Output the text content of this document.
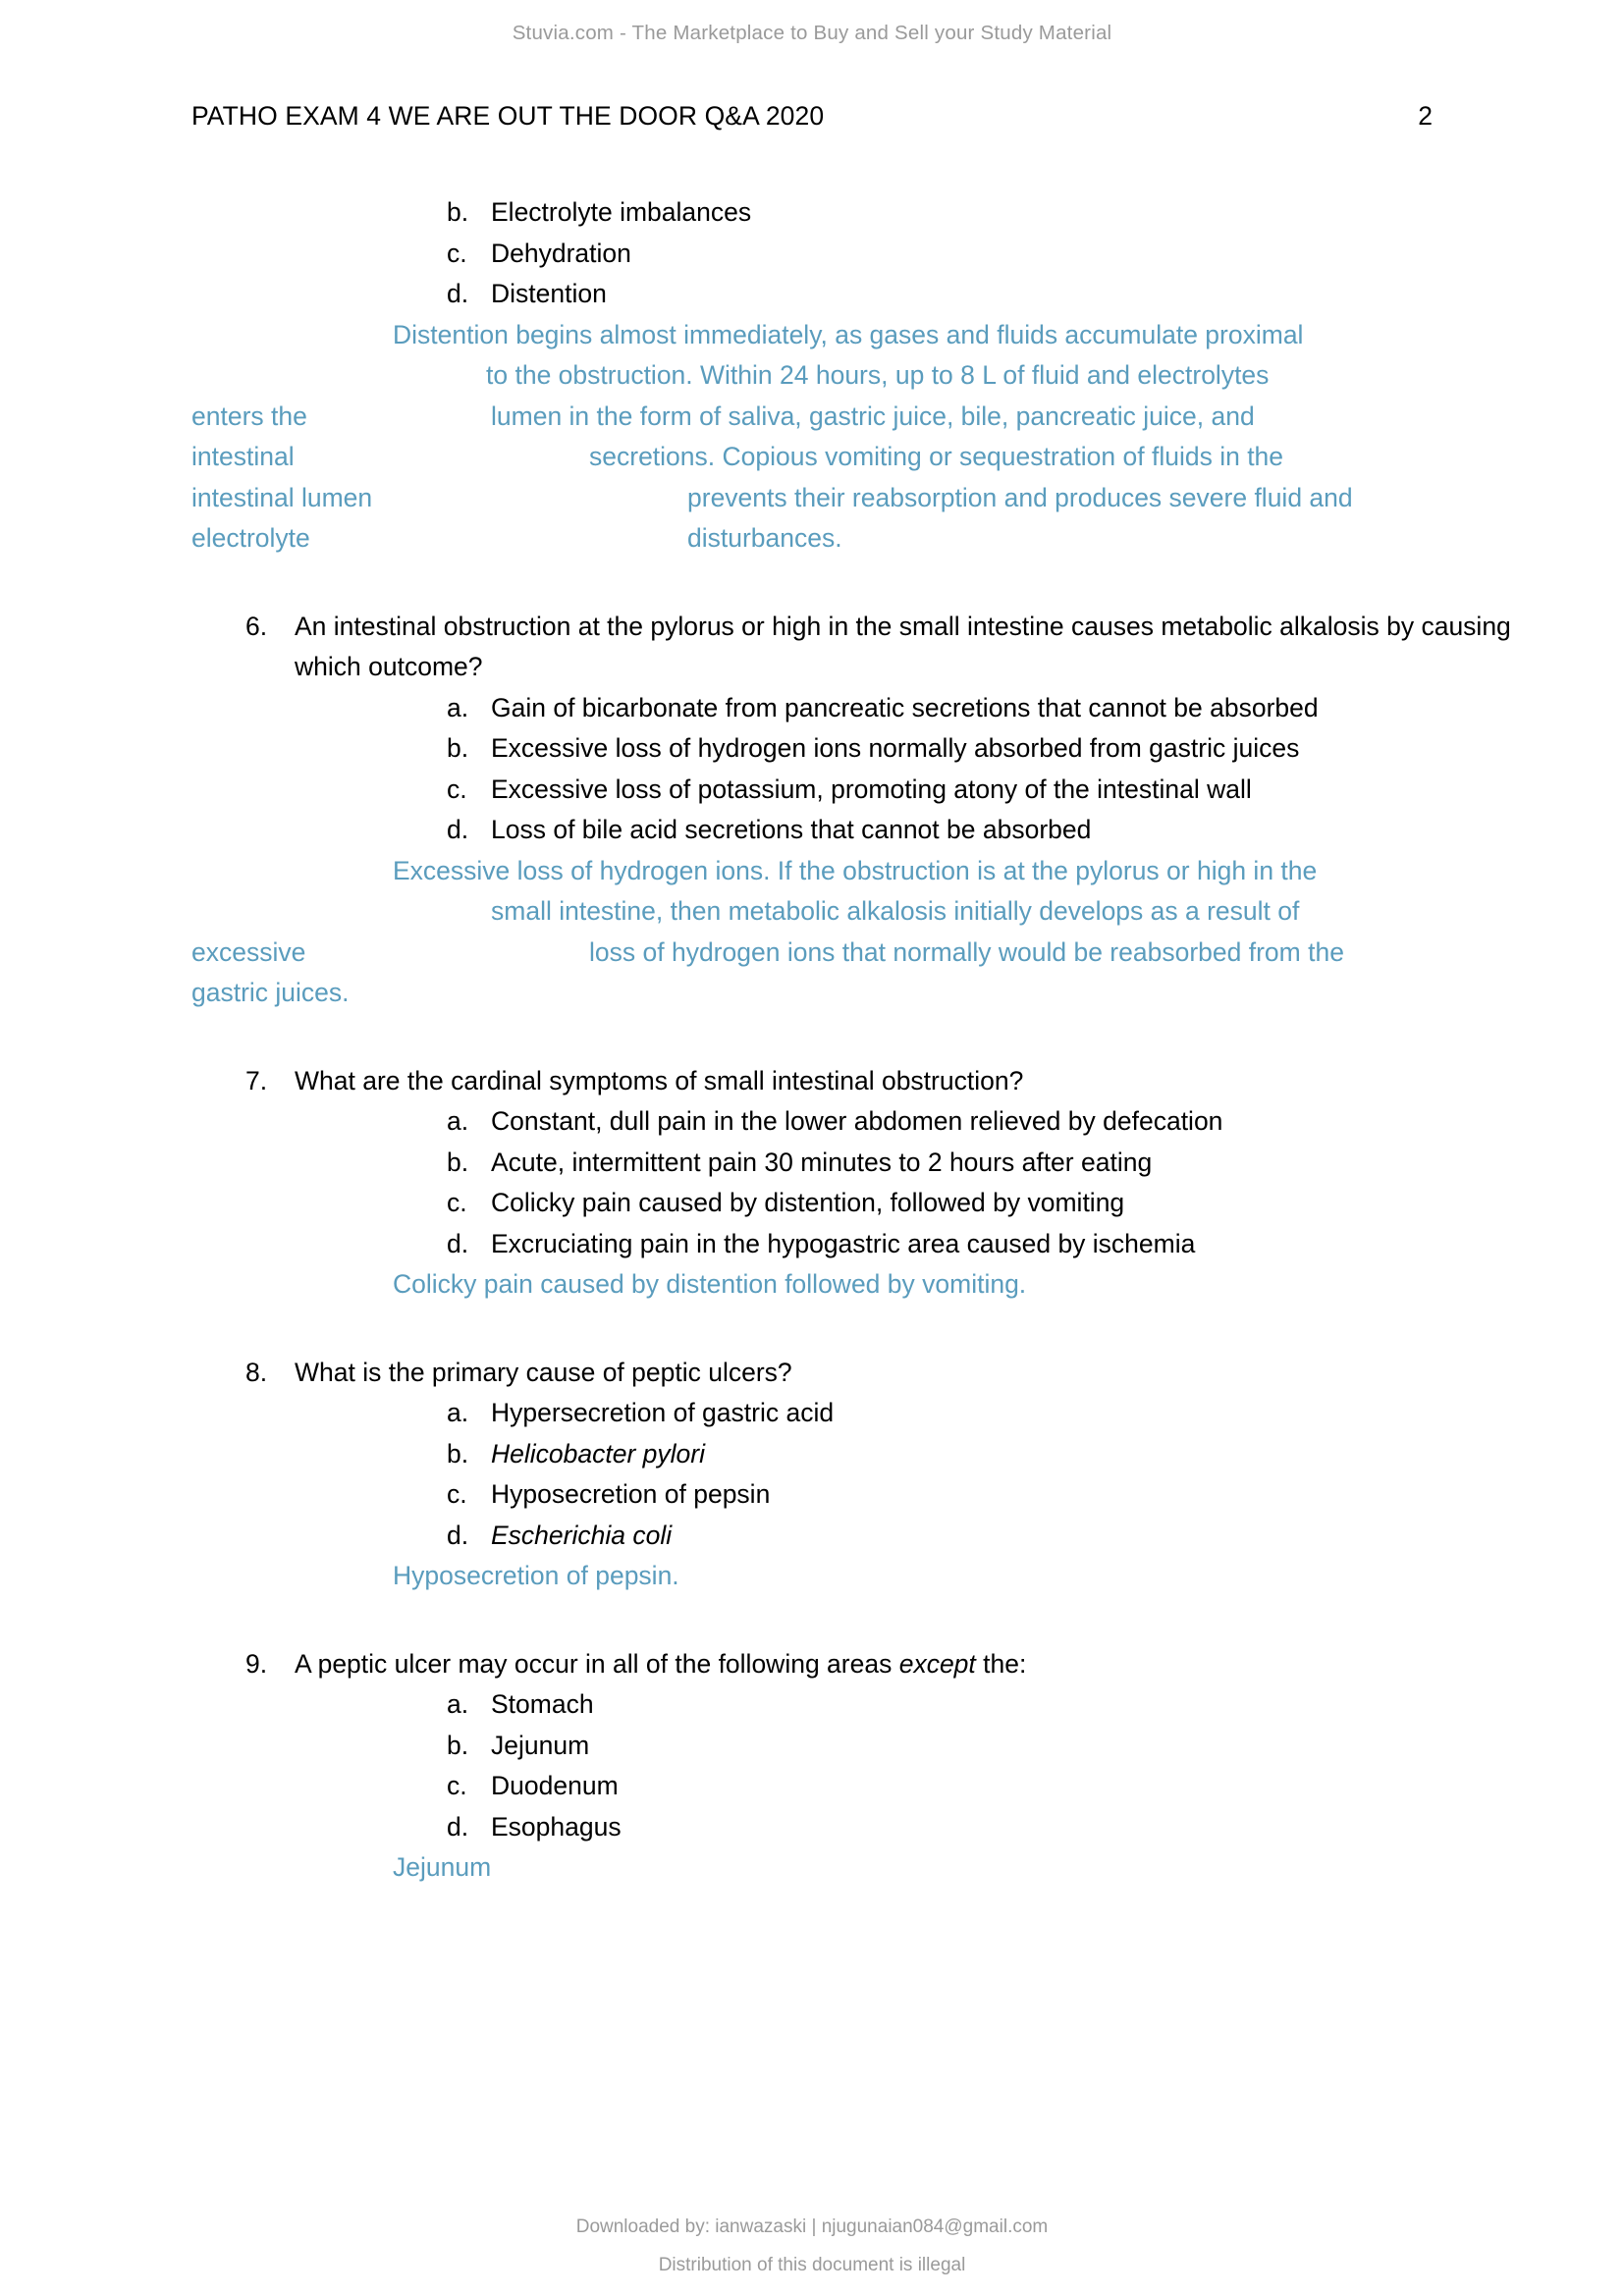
Stuvia.com - The Marketplace to Buy and Sell your Study Material
PATHO EXAM 4 WE ARE OUT THE DOOR Q&A 2020	2
b. Electrolyte imbalances
c. Dehydration
d. Distention
Distention begins almost immediately, as gases and fluids accumulate proximal
to the obstruction. Within 24 hours, up to 8 L of fluid and electrolytes
enters the	lumen in the form of saliva, gastric juice, bile, pancreatic juice, and
intestinal	secretions. Copious vomiting or sequestration of fluids in the
intestinal lumen	prevents their reabsorption and produces severe fluid and
electrolyte	disturbances.
6. An intestinal obstruction at the pylorus or high in the small intestine causes metabolic alkalosis by causing which outcome?
a. Gain of bicarbonate from pancreatic secretions that cannot be absorbed
b. Excessive loss of hydrogen ions normally absorbed from gastric juices
c. Excessive loss of potassium, promoting atony of the intestinal wall
d. Loss of bile acid secretions that cannot be absorbed
Excessive loss of hydrogen ions. If the obstruction is at the pylorus or high in the
small intestine, then metabolic alkalosis initially develops as a result of
excessive	loss of hydrogen ions that normally would be reabsorbed from the
gastric juices.
7. What are the cardinal symptoms of small intestinal obstruction?
a. Constant, dull pain in the lower abdomen relieved by defecation
b. Acute, intermittent pain 30 minutes to 2 hours after eating
c. Colicky pain caused by distention, followed by vomiting
d. Excruciating pain in the hypogastric area caused by ischemia
Colicky pain caused by distention followed by vomiting.
8. What is the primary cause of peptic ulcers?
a. Hypersecretion of gastric acid
b. Helicobacter pylori
c. Hyposecretion of pepsin
d. Escherichia coli
Hyposecretion of pepsin.
9. A peptic ulcer may occur in all of the following areas except the:
a. Stomach
b. Jejunum
c. Duodenum
d. Esophagus
Jejunum
Downloaded by: ianwazaski | njugunaian084@gmail.com
Distribution of this document is illegal
